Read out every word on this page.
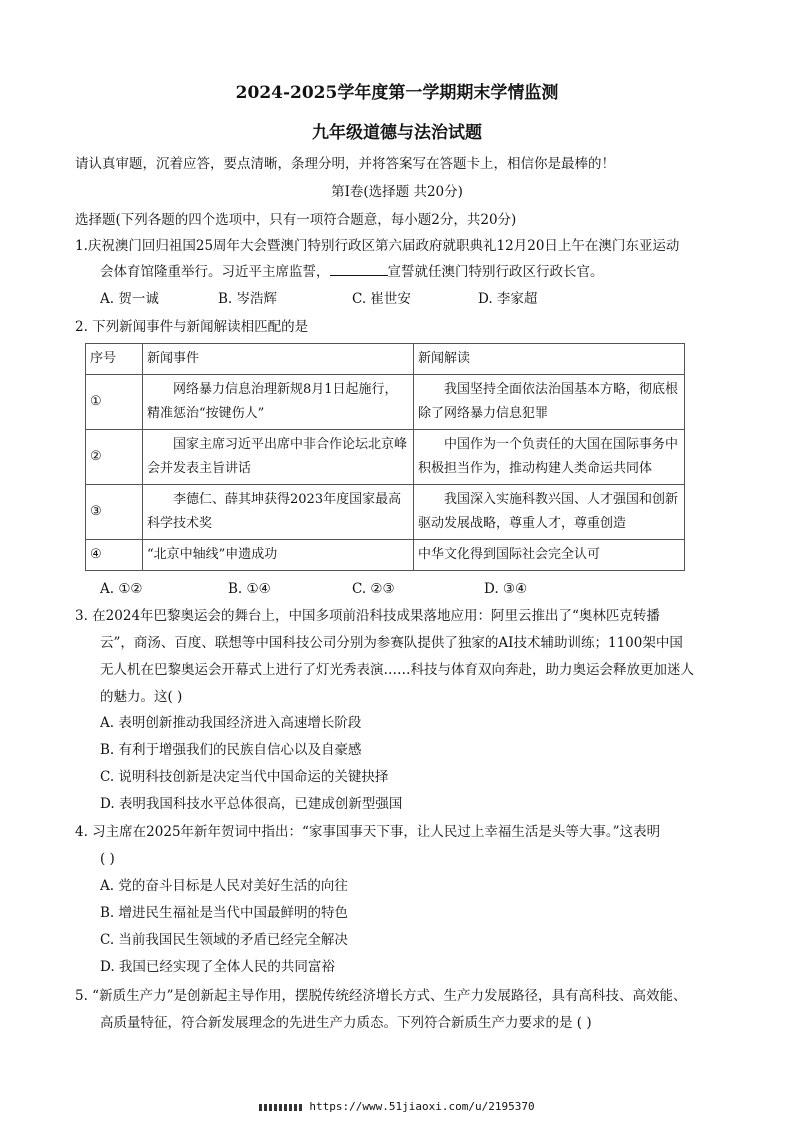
2024-2025学年度第一学期期末学情监测
九年级道德与法治试题
请认真审题，沉着应答，要点清晰，条理分明，并将答案写在答题卡上，相信你是最棒的！
第Ⅰ卷(选择题 共20分)
选择题(下列各题的四个选项中，只有一项符合题意，每小题2分，共20分)
1.庆祝澳门回归祖国25周年大会暨澳门特别行政区第六届政府就职典礼12月20日上午在澳门东亚运动
会体育馆隆重举行。习近平主席监誓，	宣誓就任澳门特别行政区行政长官。
A. 贺一诚	B. 岑浩辉	C. 崔世安	D. 李家超
2. 下列新闻事件与新闻解读相匹配的是
序号	新闻事件	新闻解读
①	网络暴力信息治理新规8月1日起施行，精准惩治“按键伤人”	我国坚持全面依法治国基本方略，彻底根除了网络暴力信息犯罪

②	国家主席习近平出席中非合作论坛北京峰会并发表主旨讲话	中国作为一个负责任的大国在国际事务中积极担当作为，推动构建人类命运共同体

③	李德仁、薛其坤获得2023年度国家最高科学技术奖	我国深入实施科教兴国、人才强国和创新驱动发展战略，尊重人才，尊重创造

④	“北京中轴线”申遗成功	中华文化得到国际社会完全认可
A. ①②	B. ①④	C. ②③	D. ③④
3. 在2024年巴黎奥运会的舞台上，中国多项前沿科技成果落地应用：阿里云推出了“奥林匹克转播
云”，商汤、百度、联想等中国科技公司分别为参赛队提供了独家的AI技术辅助训练；1100架中国
无人机在巴黎奥运会开幕式上进行了灯光秀表演……科技与体育双向奔赴，助力奥运会释放更加迷人
的魅力。这( )
A. 表明创新推动我国经济进入高速增长阶段
B. 有利于增强我们的民族自信心以及自豪感
C. 说明科技创新是决定当代中国命运的关键抉择
D. 表明我国科技水平总体很高，已建成创新型强国
4. 习主席在2025年新年贺词中指出：“家事国事天下事，让人民过上幸福生活是头等大事。”这表明
( )
A. 党的奋斗目标是人民对美好生活的向往
B. 增进民生福祉是当代中国最鲜明的特色
C. 当前我国民生领域的矛盾已经完全解决
D. 我国已经实现了全体人民的共同富裕
5. “新质生产力”是创新起主导作用，摆脱传统经济增长方式、生产力发展路径，具有高科技、高效能、
高质量特征，符合新发展理念的先进生产力质态。下列符合新质生产力要求的是 ( )
https://www.51jiaoxi.com/u/2195370
